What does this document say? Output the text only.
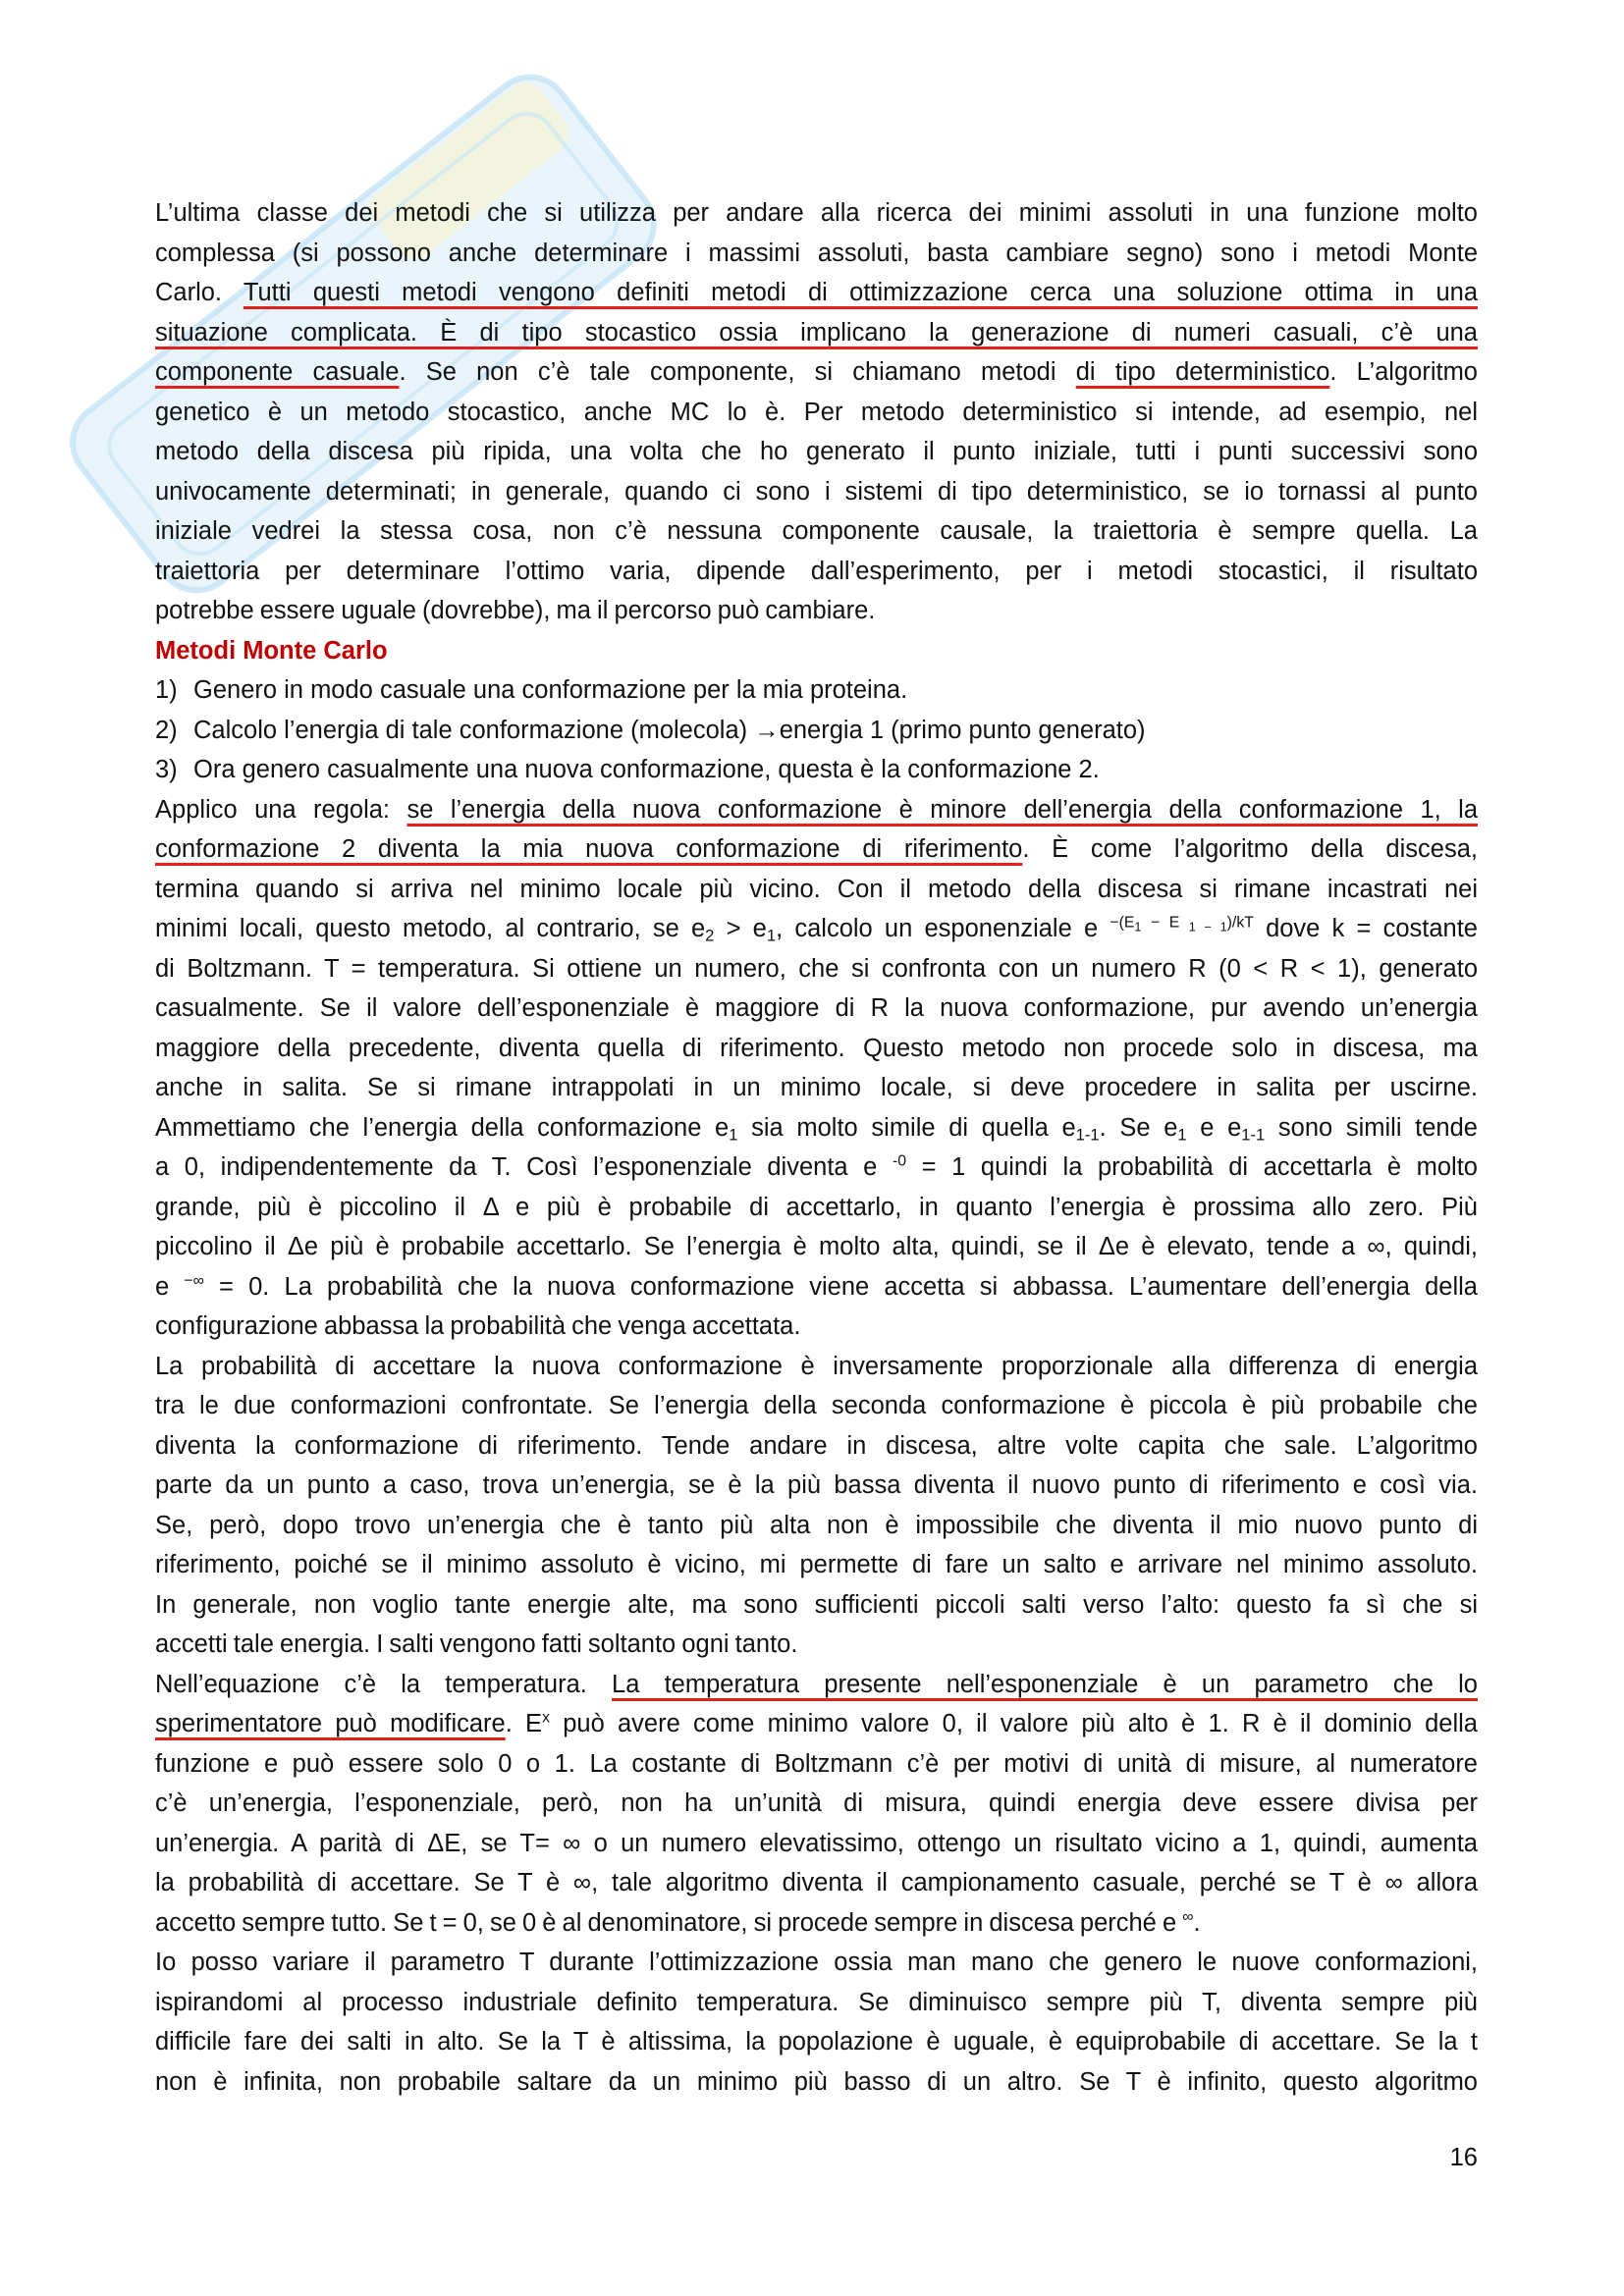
L’ultima classe dei metodi che si utilizza per andare alla ricerca dei minimi assoluti in una funzione molto
complessa (si possono anche determinare i massimi assoluti, basta cambiare segno) sono i metodi Monte
Carlo. Tutti questi metodi vengono definiti metodi di ottimizzazione cerca una soluzione ottima in una
situazione complicata. È di tipo stocastico ossia implicano la generazione di numeri casuali, c’è una
componente casuale. Se non c’è tale componente, si chiamano metodi di tipo deterministico. L’algoritmo
genetico è un metodo stocastico, anche MC lo è. Per metodo deterministico si intende, ad esempio, nel
metodo della discesa più ripida, una volta che ho generato il punto iniziale, tutti i punti successivi sono
univocamente determinati; in generale, quando ci sono i sistemi di tipo deterministico, se io tornassi al punto
iniziale vedrei la stessa cosa, non c’è nessuna componente causale, la traiettoria è sempre quella. La
traiettoria per determinare l’ottimo varia, dipende dall’esperimento, per i metodi stocastici, il risultato
potrebbe essere uguale (dovrebbe), ma il percorso può cambiare.
Metodi Monte Carlo
1) Genero in modo casuale una conformazione per la mia proteina.
2) Calcolo l’energia di tale conformazione (molecola) →energia 1 (primo punto generato)
3) Ora genero casualmente una nuova conformazione, questa è la conformazione 2.
Applico una regola: se l’energia della nuova conformazione è minore dell’energia della conformazione 1, la
conformazione 2 diventa la mia nuova conformazione di riferimento. È come l’algoritmo della discesa,
termina quando si arriva nel minimo locale più vicino. Con il metodo della discesa si rimane incastrati nei
minimi locali, questo metodo, al contrario, se $e_2 > e_1$, calcolo un esponenziale e $^{-(E1}$ $^{- E}$ $^{1 - 1)/kT}$ dove k = costante
di Boltzmann. T = temperatura. Si ottiene un numero, che si confronta con un numero R (0 < R < 1), generato
casualmente. Se il valore dell’esponenziale è maggiore di R la nuova conformazione, pur avendo un’energia
maggiore della precedente, diventa quella di riferimento. Questo metodo non procede solo in discesa, ma
anche in salita. Se si rimane intrappolati in un minimo locale, si deve procedere in salita per uscirne.
Ammettiamo che l’energia della conformazione $e_1$ sia molto simile di quella $e_{1-1}$. Se $e_1$ e $e_{1-1}$ sono simili tende
a 0, indipendentemente da T. Così l’esponenziale diventa e $^{-0}$ = 1 quindi la probabilità di accettarla è molto
grande, più è piccolino il Δ e più è probabile di accettarlo, in quanto l’energia è prossima allo zero. Più
piccolino il Δe più è probabile accettarlo. Se l’energia è molto alta, quindi, se il Δe è elevato, tende a ∞, quindi,
e −∞ = 0. La probabilità che la nuova conformazione viene accetta si abbassa. L’aumentare dell’energia della
configurazione abbassa la probabilità che venga accettata.
La probabilità di accettare la nuova conformazione è inversamente proporzionale alla differenza di energia
tra le due conformazioni confrontate. Se l’energia della seconda conformazione è piccola è più probabile che
diventa la conformazione di riferimento. Tende andare in discesa, altre volte capita che sale. L’algoritmo
parte da un punto a caso, trova un’energia, se è la più bassa diventa il nuovo punto di riferimento e così via.
Se, però, dopo trovo un’energia che è tanto più alta non è impossibile che diventa il mio nuovo punto di
riferimento, poiché se il minimo assoluto è vicino, mi permette di fare un salto e arrivare nel minimo assoluto.
In generale, non voglio tante energie alte, ma sono sufficienti piccoli salti verso l’alto: questo fa sì che si
accetti tale energia. I salti vengono fatti soltanto ogni tanto.
Nell’equazione c’è la temperatura. La temperatura presente nell’esponenziale è un parametro che lo
sperimentatore può modificare. $E^x$ può avere come minimo valore 0, il valore più alto è 1. R è il dominio della
funzione e può essere solo 0 o 1. La costante di Boltzmann c’è per motivi di unità di misure, al numeratore
c’è un’energia, l’esponenziale, però, non ha un’unità di misura, quindi energia deve essere divisa per
un’energia. A parità di ΔE, se T= ∞ o un numero elevatissimo, ottengo un risultato vicino a 1, quindi, aumenta
la probabilità di accettare. Se T è ∞, tale algoritmo diventa il campionamento casuale, perché se T è ∞ allora
accetto sempre tutto. Se t = 0, se 0 è al denominatore, si procede sempre in discesa perché e ∞.
Io posso variare il parametro T durante l’ottimizzazione ossia man mano che genero le nuove conformazioni,
ispirandomi al processo industriale definito temperatura. Se diminuisco sempre più T, diventa sempre più
difficile fare dei salti in alto. Se la T è altissima, la popolazione è uguale, è equiprobabile di accettare. Se la t
non è infinita, non probabile saltare da un minimo più basso di un altro. Se T è infinito, questo algoritmo
16
